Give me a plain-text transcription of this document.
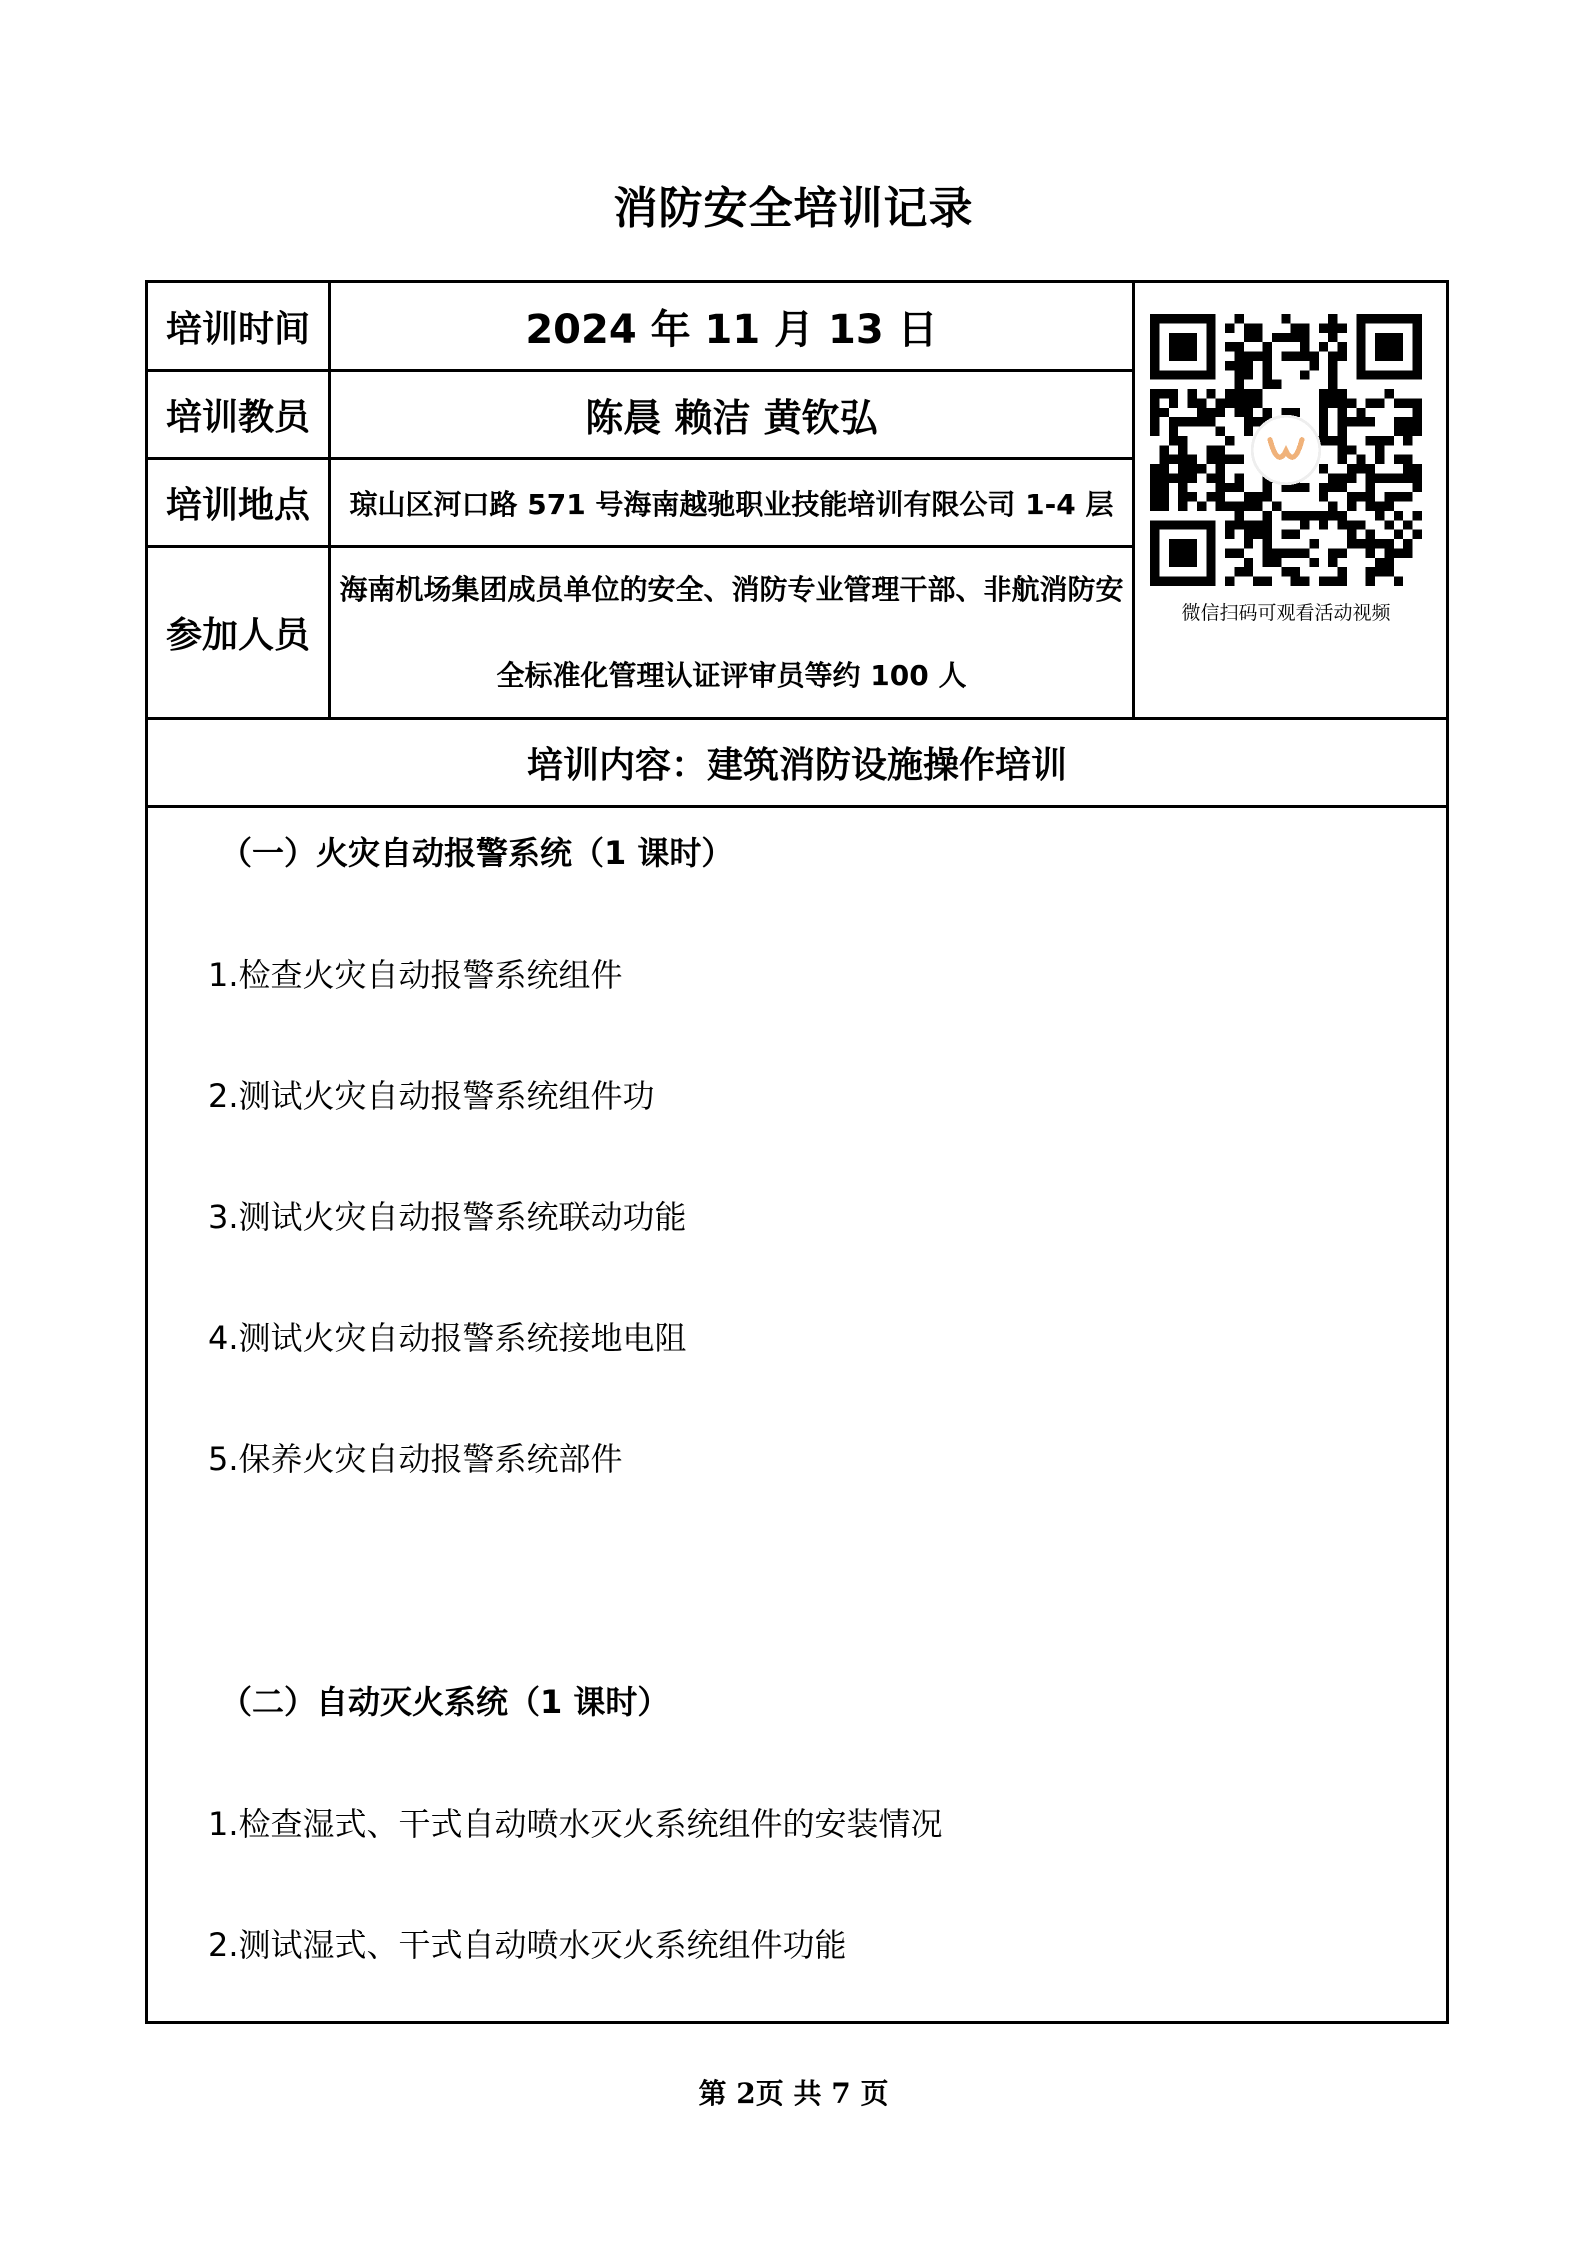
消防安全培训记录
培训时间	2024 年 11 月 13 日
培训教员	陈晨 赖洁 黄钦弘
培训地点	琼山区河口路 571 号海南越驰职业技能培训有限公司 1-4 层
参加人员
海南机场集团成员单位的安全、消防专业管理干部、非航消防安
全标准化管理认证评审员等约 100 人
培训内容：建筑消防设施操作培训
（一）火灾自动报警系统（1 课时）
1.检查火灾自动报警系统组件
2.测试火灾自动报警系统组件功
3.测试火灾自动报警系统联动功能
4.测试火灾自动报警系统接地电阻
5.保养火灾自动报警系统部件
（二）自动灭火系统（1 课时）
1.检查湿式、干式自动喷水灭火系统组件的安装情况
2.测试湿式、干式自动喷水灭火系统组件功能
微信扫码可观看活动视频
第 2页 共 7 页
